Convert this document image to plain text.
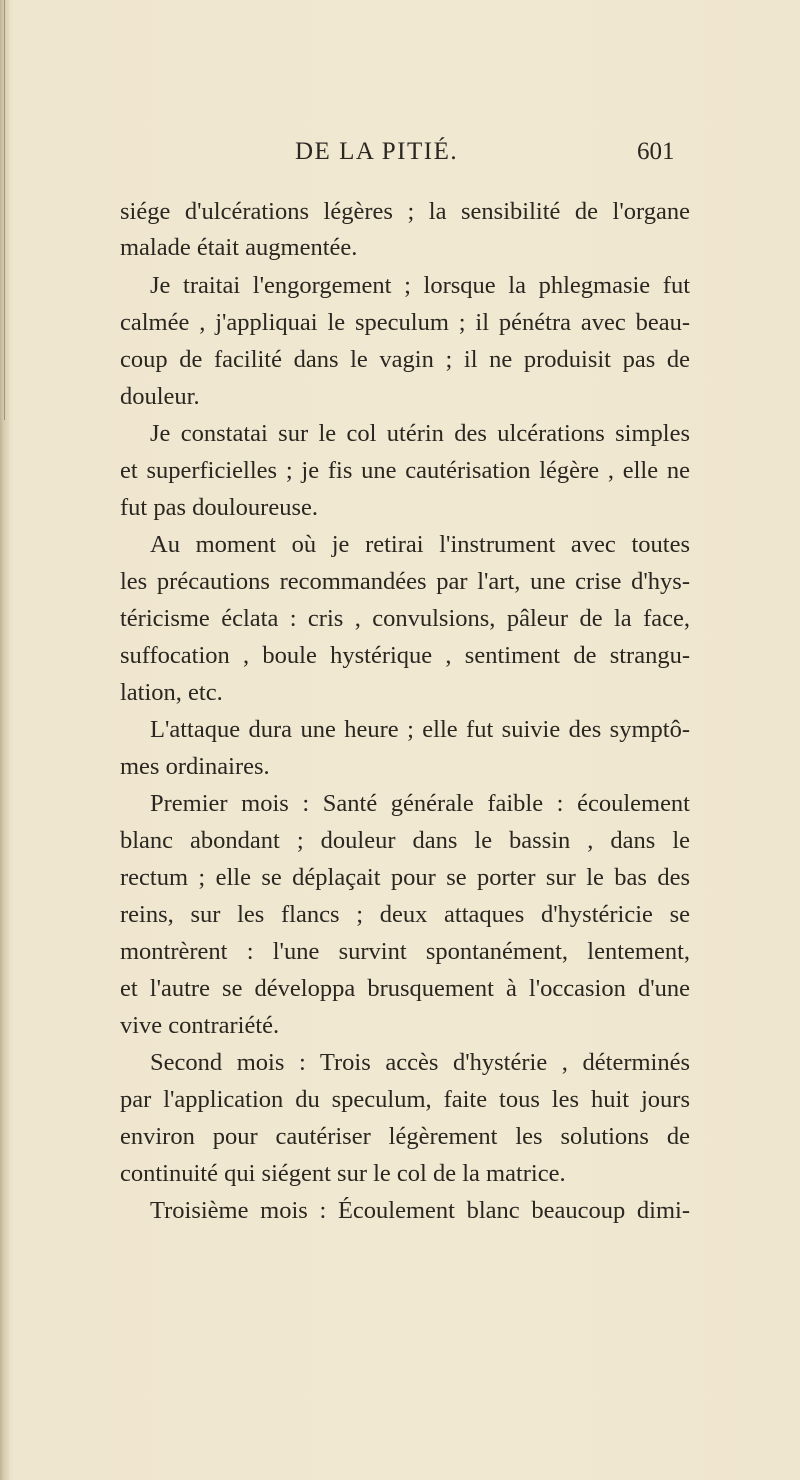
DE LA PITIÉ.	601
siége d'ulcérations légères ; la sensibilité de l'organe
malade était augmentée.
Je traitai l'engorgement ; lorsque la phlegmasie fut
calmée , j'appliquai le speculum ; il pénétra avec beau-
coup de facilité dans le vagin ; il ne produisit pas de
douleur.
Je constatai sur le col utérin des ulcérations simples
et superficielles ; je fis une cautérisation légère , elle ne
fut pas douloureuse.
Au moment où je retirai l'instrument avec toutes
les précautions recommandées par l'art, une crise d'hys-
téricisme éclata : cris , convulsions, pâleur de la face,
suffocation , boule hystérique , sentiment de strangu-
lation, etc.
L'attaque dura une heure ; elle fut suivie des symptô-
mes ordinaires.
Premier mois : Santé générale faible : écoulement
blanc abondant ; douleur dans le bassin , dans le
rectum ; elle se déplaçait pour se porter sur le bas des
reins, sur les flancs ; deux attaques d'hystéricie se
montrèrent : l'une survint spontanément, lentement,
et l'autre se développa brusquement à l'occasion d'une
vive contrariété.
Second mois : Trois accès d'hystérie , déterminés
par l'application du speculum, faite tous les huit jours
environ pour cautériser légèrement les solutions de
continuité qui siégent sur le col de la matrice.
Troisième mois : Écoulement blanc beaucoup dimi-
